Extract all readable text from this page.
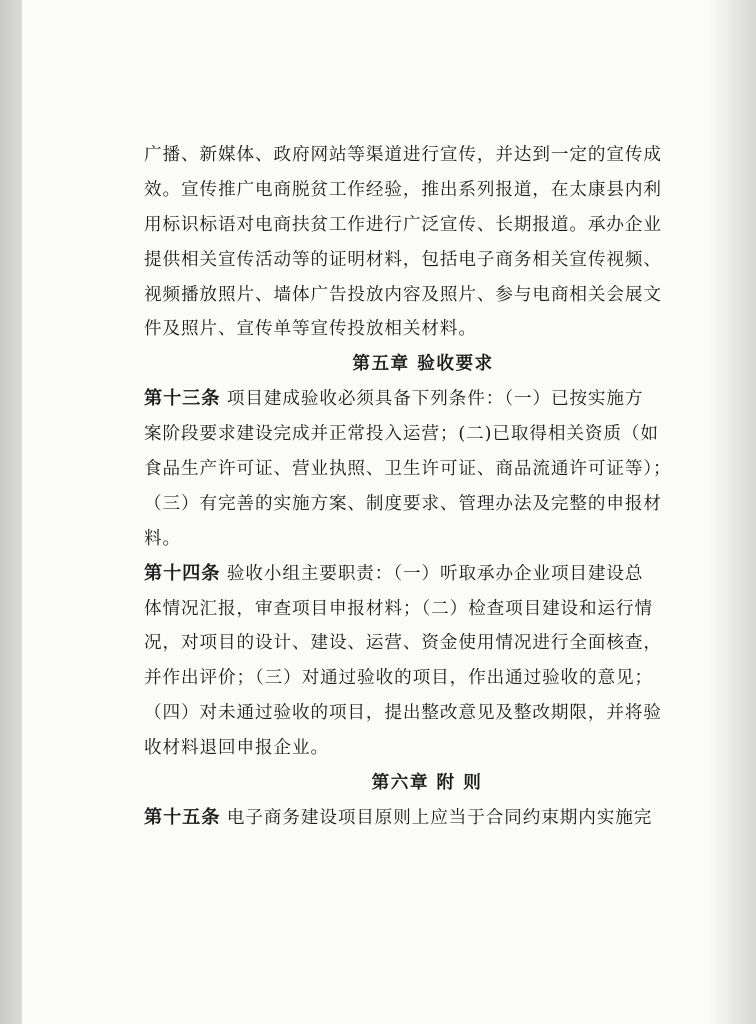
广播、新媒体、政府网站等渠道进行宣传，并达到一定的宣传成
效。宣传推广电商脱贫工作经验，推出系列报道，在太康县内利
用标识标语对电商扶贫工作进行广泛宣传、长期报道。承办企业
提供相关宣传活动等的证明材料，包括电子商务相关宣传视频、
视频播放照片、墙体广告投放内容及照片、参与电商相关会展文
件及照片、宣传单等宣传投放相关材料。
第五章 验收要求
第十三条 项目建成验收必须具备下列条件：（一）已按实施方
案阶段要求建设完成并正常投入运营；(二)已取得相关资质（如
食品生产许可证、营业执照、卫生许可证、商品流通许可证等）；
（三）有完善的实施方案、制度要求、管理办法及完整的申报材
料。
第十四条 验收小组主要职责：（一）听取承办企业项目建设总
体情况汇报，审查项目申报材料；（二）检查项目建设和运行情
况，对项目的设计、建设、运营、资金使用情况进行全面核查，
并作出评价；（三）对通过验收的项目，作出通过验收的意见；
（四）对未通过验收的项目，提出整改意见及整改期限，并将验
收材料退回申报企业。
第六章 附 则
第十五条 电子商务建设项目原则上应当于合同约束期内实施完
